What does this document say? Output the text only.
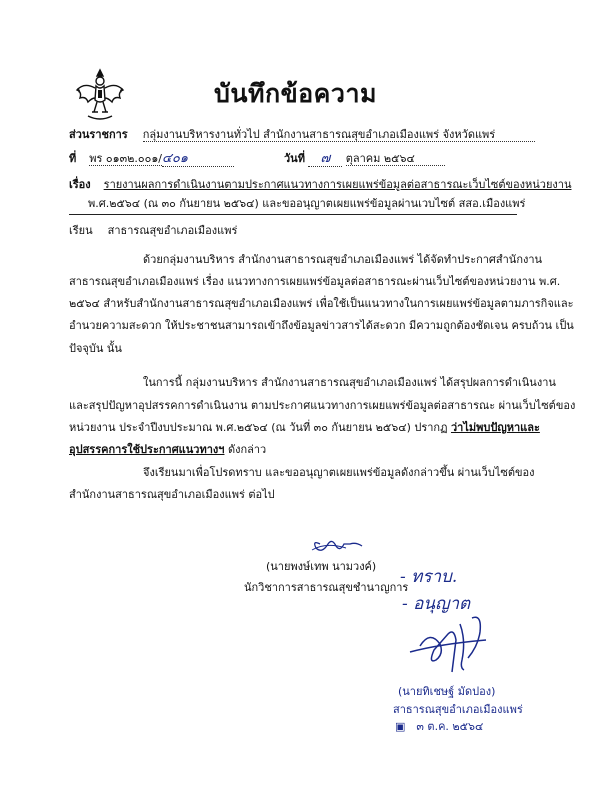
บันทึกข้อความ
ส่วนราชการ กลุ่มงานบริหารงานทั่วไป สำนักงานสาธารณสุขอำเภอเมืองแพร่ จังหวัดแพร่
ที่ พร ๐๑๓๒.๐๐๑/๔๐๑	วันที่ ๗ ตุลาคม ๒๕๖๔
เรื่อง รายงานผลการดำเนินงานตามประกาศแนวทางการเผยแพร่ข้อมูลต่อสาธารณะเว็บไซต์ของหน่วยงาน
พ.ศ.๒๕๖๔ (ณ ๓๐ กันยายน ๒๕๖๔) และขออนุญาตเผยแพร่ข้อมูลผ่านเวบไซต์ สสอ.เมืองแพร่
เรียน สาธารณสุขอำเภอเมืองแพร่
ด้วยกลุ่มงานบริหาร สำนักงานสาธารณสุขอำเภอเมืองแพร่ ได้จัดทำประกาศสำนักงาน
สาธารณสุขอำเภอเมืองแพร่ เรื่อง แนวทางการเผยแพร่ข้อมูลต่อสาธารณะผ่านเว็บไซต์ของหน่วยงาน พ.ศ.
๒๕๖๔ สำหรับสำนักงานสาธารณสุขอำเภอเมืองแพร่ เพื่อใช้เป็นแนวทางในการเผยแพร่ข้อมูลตามภารกิจและ
อำนวยความสะดวก ให้ประชาชนสามารถเข้าถึงข้อมูลข่าวสารได้สะดวก มีความถูกต้องชัดเจน ครบถ้วน เป็น
ปัจจุบัน นั้น
ในการนี้ กลุ่มงานบริหาร สำนักงานสาธารณสุขอำเภอเมืองแพร่ ได้สรุปผลการดำเนินงาน
และสรุปปัญหาอุปสรรคการดำเนินงาน ตามประกาศแนวทางการเผยแพร่ข้อมูลต่อสาธารณะ ผ่านเว็บไซต์ของ
หน่วยงาน ประจำปีงบประมาณ พ.ศ.๒๕๖๔ (ณ วันที่ ๓๐ กันยายน ๒๕๖๔) ปรากฏ ว่าไม่พบปัญหาและ
อุปสรรคการใช้ประกาศแนวทางฯ ดังกล่าว
จึงเรียนมาเพื่อโปรดทราบ และขออนุญาตเผยแพร่ข้อมูลดังกล่าวขึ้น ผ่านเว็บไซต์ของ
สำนักงานสาธารณสุขอำเภอเมืองแพร่ ต่อไป
(นายพงษ์เทพ นามวงค์)
นักวิชาการสาธารณสุขชำนาญการ
- ทราบ.
- อนุญาต
(นายทิเชษฐ์ มัดปอง)
สาธารณสุขอำเภอเมืองแพร่
▣ ๓ ต.ค. ๒๕๖๔
